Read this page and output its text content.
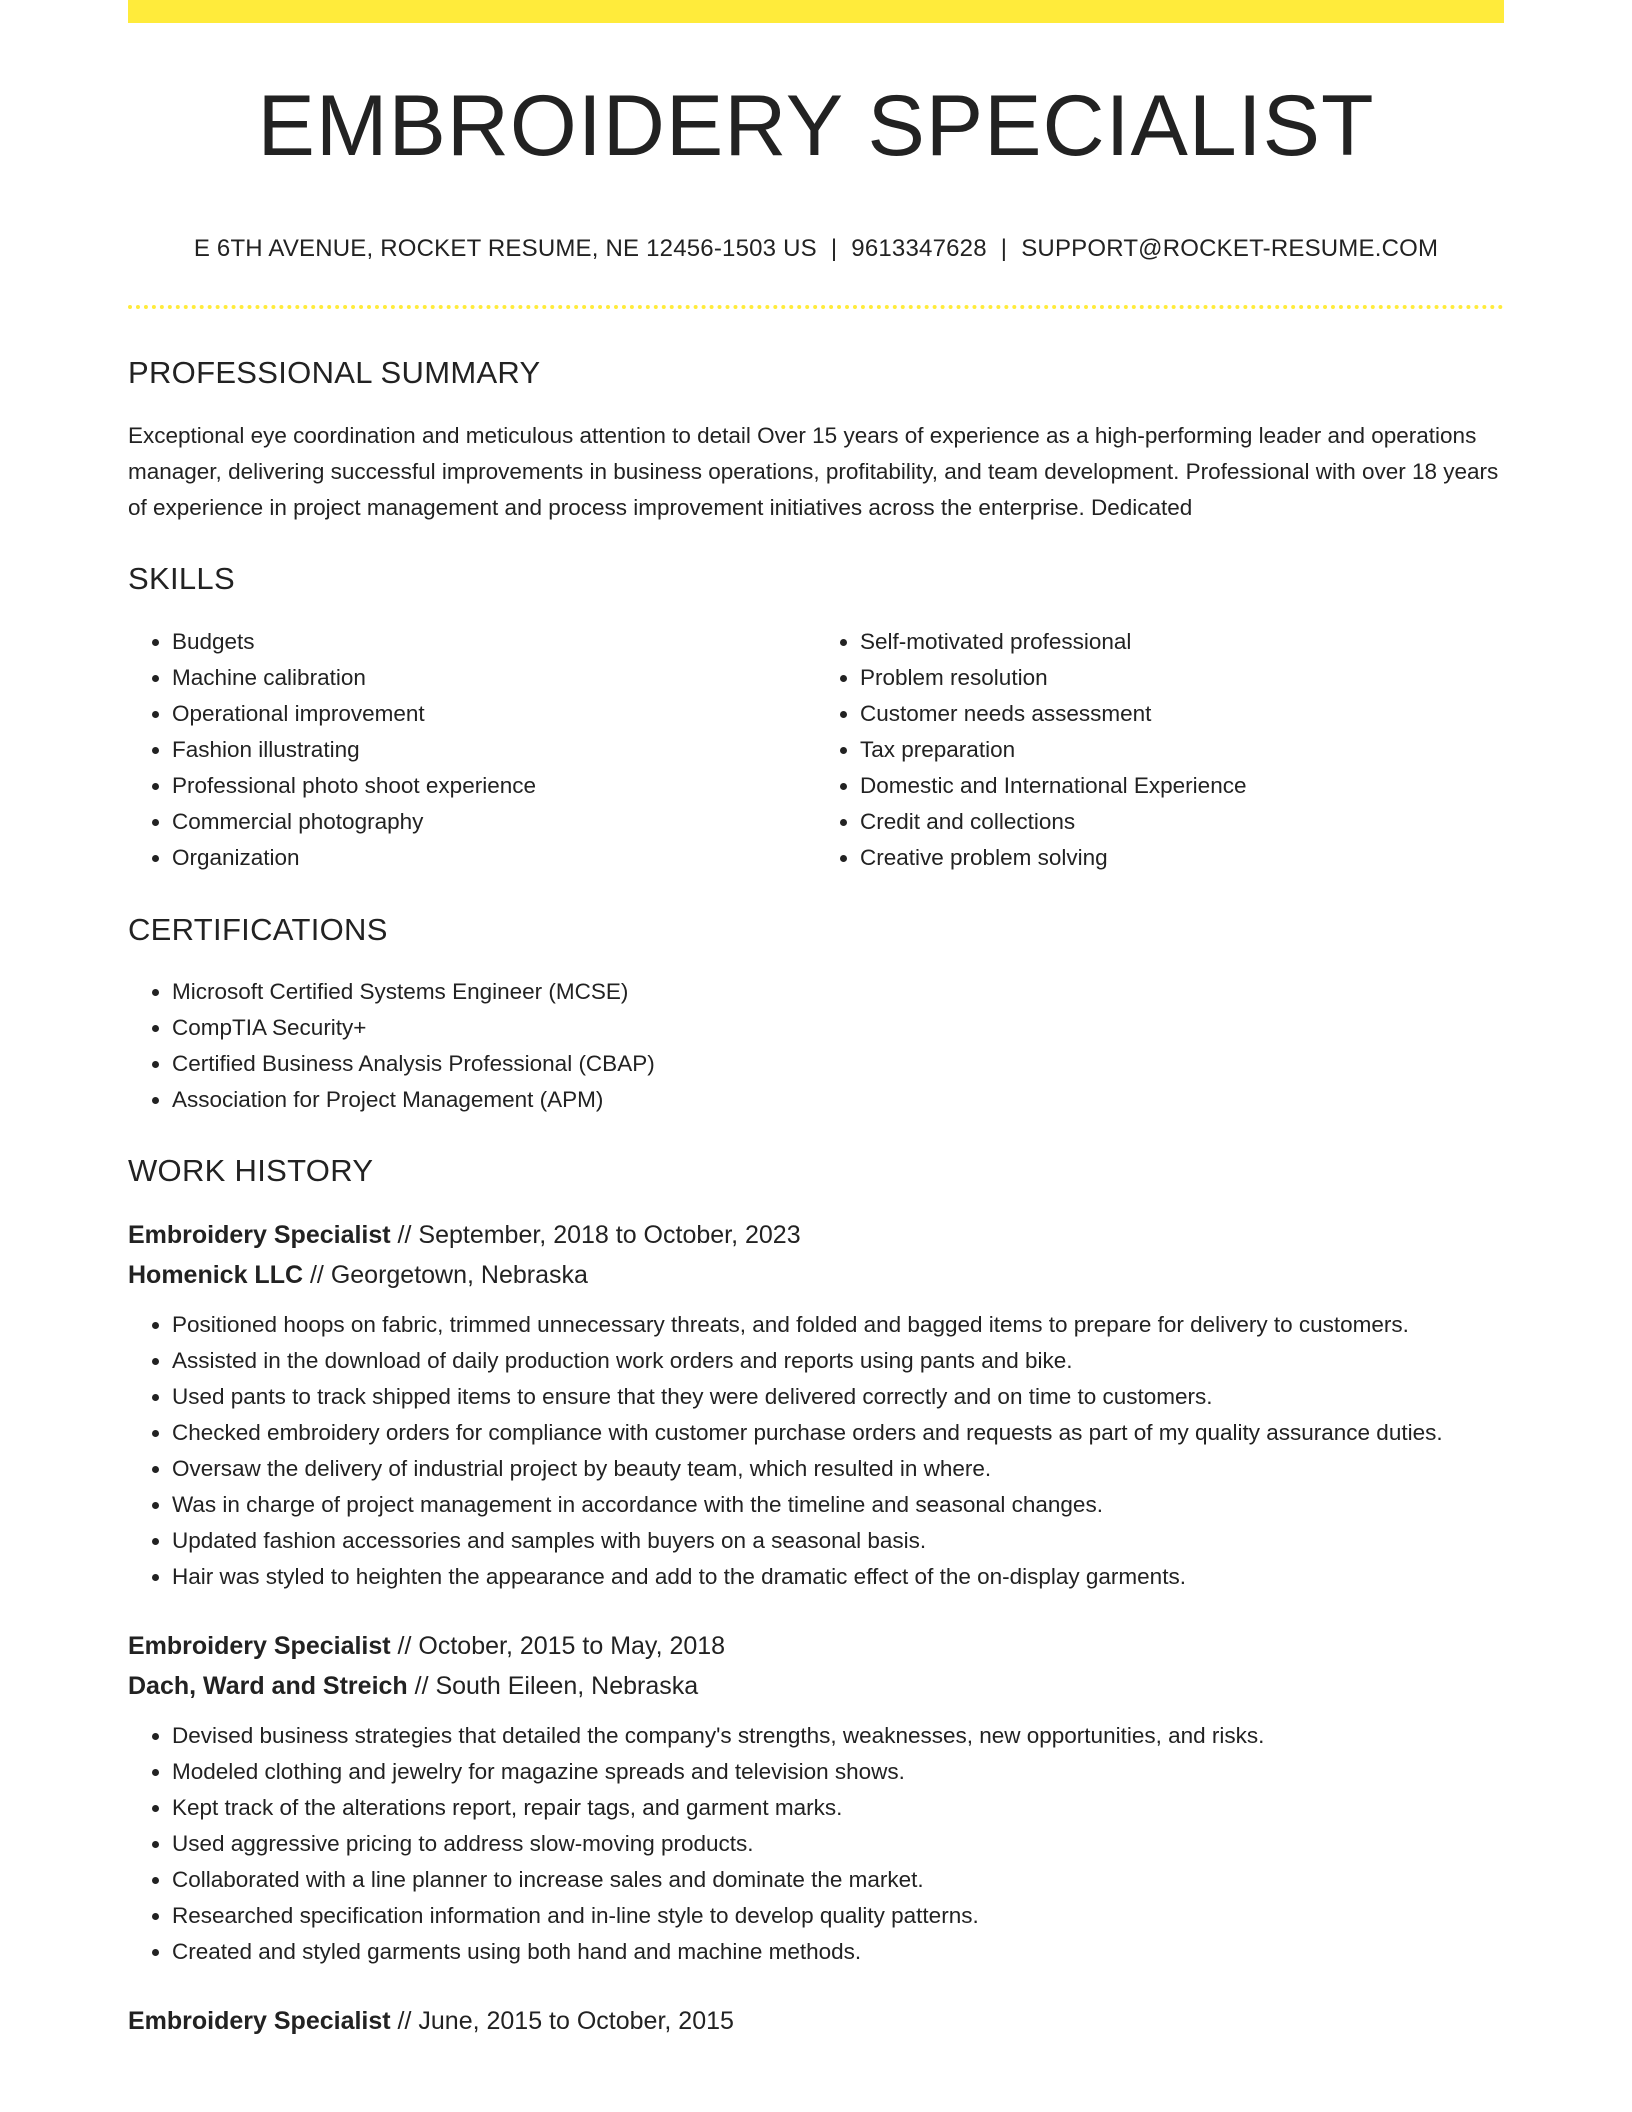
EMBROIDERY SPECIALIST
E 6TH AVENUE, ROCKET RESUME, NE 12456-1503 US | 9613347628 | SUPPORT@ROCKET-RESUME.COM
PROFESSIONAL SUMMARY
Exceptional eye coordination and meticulous attention to detail Over 15 years of experience as a high-performing leader and operations manager, delivering successful improvements in business operations, profitability, and team development. Professional with over 18 years of experience in project management and process improvement initiatives across the enterprise. Dedicated
SKILLS
• Budgets
• Machine calibration
• Operational improvement
• Fashion illustrating
• Professional photo shoot experience
• Commercial photography
• Organization
• Self-motivated professional
• Problem resolution
• Customer needs assessment
• Tax preparation
• Domestic and International Experience
• Credit and collections
• Creative problem solving
CERTIFICATIONS
• Microsoft Certified Systems Engineer (MCSE)
• CompTIA Security+
• Certified Business Analysis Professional (CBAP)
• Association for Project Management (APM)
WORK HISTORY
Embroidery Specialist // September, 2018 to October, 2023
Homenick LLC // Georgetown, Nebraska
• Positioned hoops on fabric, trimmed unnecessary threats, and folded and bagged items to prepare for delivery to customers.
• Assisted in the download of daily production work orders and reports using pants and bike.
• Used pants to track shipped items to ensure that they were delivered correctly and on time to customers.
• Checked embroidery orders for compliance with customer purchase orders and requests as part of my quality assurance duties.
• Oversaw the delivery of industrial project by beauty team, which resulted in where.
• Was in charge of project management in accordance with the timeline and seasonal changes.
• Updated fashion accessories and samples with buyers on a seasonal basis.
• Hair was styled to heighten the appearance and add to the dramatic effect of the on-display garments.
Embroidery Specialist // October, 2015 to May, 2018
Dach, Ward and Streich // South Eileen, Nebraska
• Devised business strategies that detailed the company's strengths, weaknesses, new opportunities, and risks.
• Modeled clothing and jewelry for magazine spreads and television shows.
• Kept track of the alterations report, repair tags, and garment marks.
• Used aggressive pricing to address slow-moving products.
• Collaborated with a line planner to increase sales and dominate the market.
• Researched specification information and in-line style to develop quality patterns.
• Created and styled garments using both hand and machine methods.
Embroidery Specialist // June, 2015 to October, 2015
